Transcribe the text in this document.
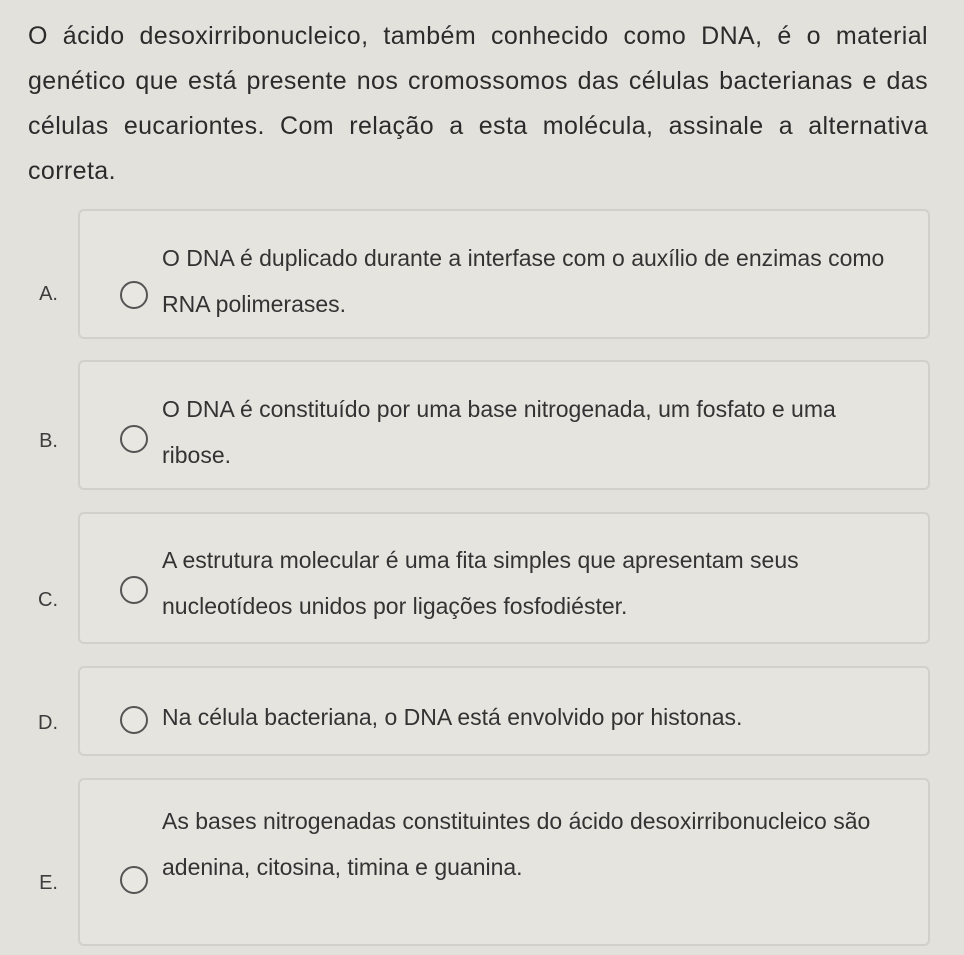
O ácido desoxirribonucleico, também conhecido como DNA, é o material genético que está presente nos cromossomos das células bacterianas e das células eucariontes. Com relação a esta molécula, assinale a alternativa correta.
A.
O DNA é duplicado durante a interfase com o auxílio de enzimas como RNA polimerases.
B.
O DNA é constituído por uma base nitrogenada, um fosfato e uma ribose.
C.
A estrutura molecular é uma fita simples que apresentam seus nucleotídeos unidos por ligações fosfodiéster.
D.	Na célula bacteriana, o DNA está envolvido por histonas.
E.
As bases nitrogenadas constituintes do ácido desoxirribonucleico são adenina, citosina, timina e guanina.
